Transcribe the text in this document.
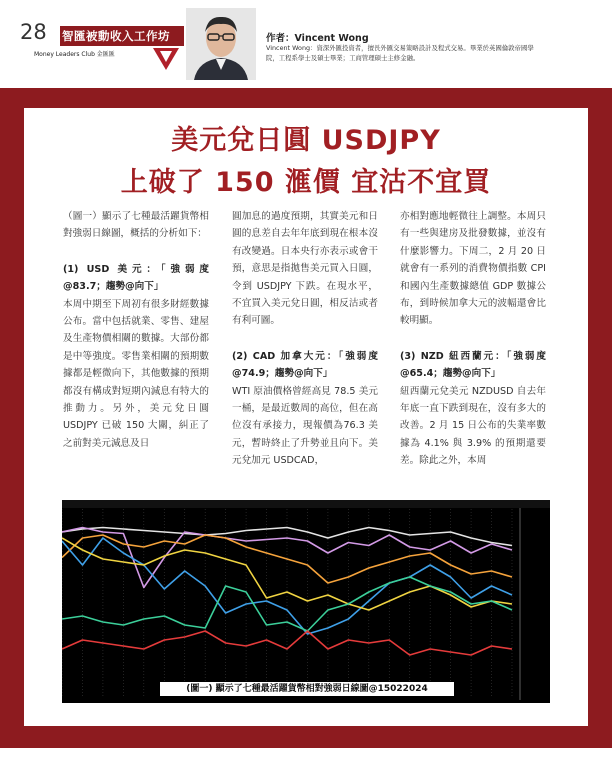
28 智匯被動收入工作坊
Money Leaders Club 金匯匯
作者：Vincent Wong
Vincent Wong：資深外匯投資者，擅長外匯交易策略設計及程式交易。畢業於英國倫敦帝國學院，工程系學士及碩士畢業；工商管理碩士主修金融。
美元兌日圓 USDJPY
上破了 150 滙價 宜沽不宜買

（圖一）顯示了七種最活躍貨幣相對強弱日線圖，概括的分析如下：

(1) USD 美元：「強弱度@83.7；趨勢@向下」

本周中期至下周初有很多財經數據公布。當中包括就業、零售、建屋及生產物價相關的數據。大部份都是中等強度。零售業相關的預期數據都是輕微向下，其他數據的預期都沒有構成對短期內減息有特大的推動力。另外，美元兌日圓 USDJPY 已破 150 大關，糾正了之前對美元減息及日

圓加息的過度預期，其實美元和日圓的息差自去年年底到現在根本沒有改變過。日本央行亦表示或會干預，意思是指拋售美元買入日圓，令到 USDJPY 下跌。在現水平，不宜買入美元兌日圓，相反沽或者有利可圖。

(2) CAD 加拿大元：「強弱度@74.9；趨勢@向下」

WTI 原油價格曾經高見 78.5 美元一桶，是最近數周的高位，但在高位沒有承接力，現報價為76.3 美元，暫時終止了升勢並且向下。美元兌加元 USDCAD，

亦相對應地輕微往上調整。本周只有一些與建房及批發數據，並沒有什麼影響力。下周二，2 月 20 日就會有一系列的消費物價指數 CPI 和國內生產數據總值 GDP 數據公布，到時候加拿大元的波幅還會比較明顯。

(3) NZD 紐西蘭元：「強弱度@65.4；趨勢@向下」

紐西蘭元兌美元 NZDUSD 自去年年底一直下跌到現在，沒有多大的改善。2 月 15 日公布的失業率數據為 4.1% 與 3.9% 的預期還要差。除此之外，本周

(圖一) 顯示了七種最活躍貨幣相對強弱日線圖@15022024
